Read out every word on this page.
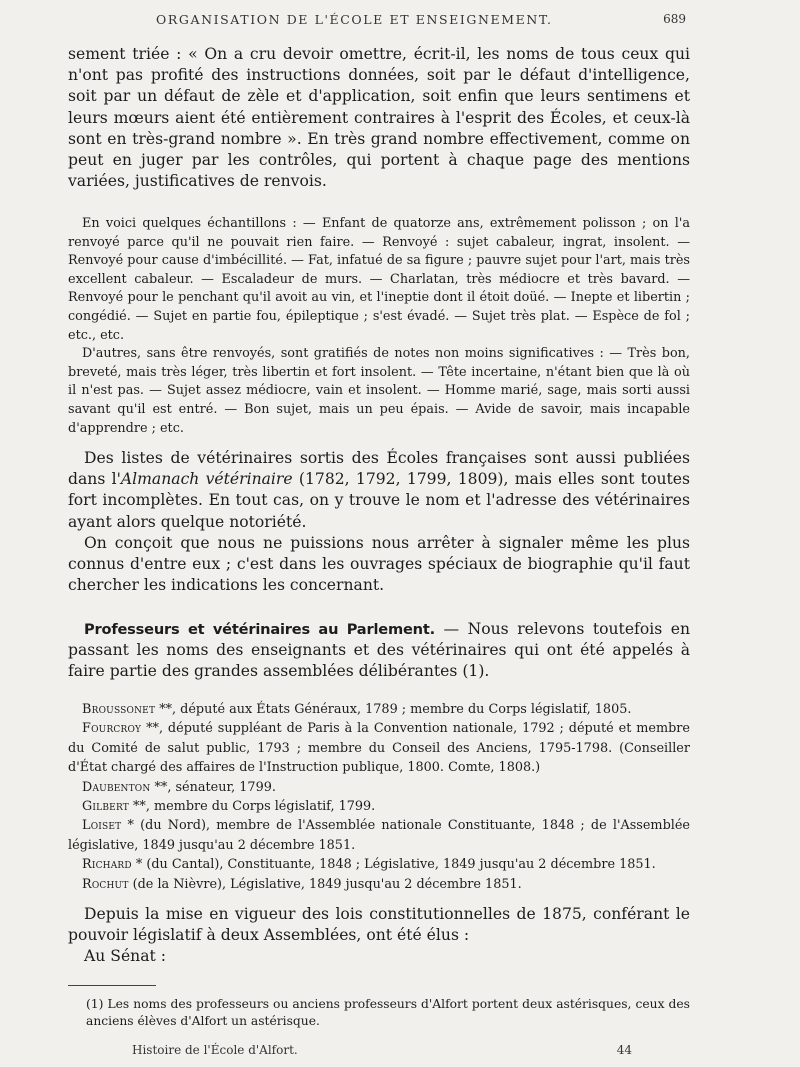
ORGANISATION DE L'ÉCOLE ET ENSEIGNEMENT.	689

sement triée : « On a cru devoir omettre, écrit-il, les noms de tous ceux qui n'ont pas profité des instructions données, soit par le défaut d'intelligence, soit par un défaut de zèle et d'application, soit enfin que leurs sentimens et leurs mœurs aient été entièrement contraires à l'esprit des Écoles, et ceux-là sont en très-grand nombre ». En très grand nombre effectivement, comme on peut en juger par les contrôles, qui portent à chaque page des mentions variées, justificatives de renvois.

En voici quelques échantillons : — Enfant de quatorze ans, extrêmement polisson ; on l'a renvoyé parce qu'il ne pouvait rien faire. — Renvoyé : sujet cabaleur, ingrat, insolent. — Renvoyé pour cause d'imbécillité. — Fat, infatué de sa figure ; pauvre sujet pour l'art, mais très excellent cabaleur. — Escaladeur de murs. — Charlatan, très médiocre et très bavard. — Renvoyé pour le penchant qu'il avoit au vin, et l'ineptie dont il étoit doüé. — Inepte et libertin ; congédié. — Sujet en partie fou, épileptique ; s'est évadé. — Sujet très plat. — Espèce de fol ; etc., etc.

D'autres, sans être renvoyés, sont gratifiés de notes non moins significatives : — Très bon, breveté, mais très léger, très libertin et fort insolent. — Tête incertaine, n'étant bien que là où il n'est pas. — Sujet assez médiocre, vain et insolent. — Homme marié, sage, mais sorti aussi savant qu'il est entré. — Bon sujet, mais un peu épais. — Avide de savoir, mais incapable d'apprendre ; etc.

Des listes de vétérinaires sortis des Écoles françaises sont aussi publiées dans l'Almanach vétérinaire (1782, 1792, 1799, 1809), mais elles sont toutes fort incomplètes. En tout cas, on y trouve le nom et l'adresse des vétérinaires ayant alors quelque notoriété.

On conçoit que nous ne puissions nous arrêter à signaler même les plus connus d'entre eux ; c'est dans les ouvrages spéciaux de biographie qu'il faut chercher les indications les concernant.

Professeurs et vétérinaires au Parlement. — Nous relevons toutefois en passant les noms des enseignants et des vétérinaires qui ont été appelés à faire partie des grandes assemblées délibérantes (1).

Broussonet **, député aux États Généraux, 1789 ; membre du Corps législatif, 1805.

Fourcroy **, député suppléant de Paris à la Convention nationale, 1792 ; député et membre du Comité de salut public, 1793 ; membre du Conseil des Anciens, 1795-1798. (Conseiller d'État chargé des affaires de l'Instruction publique, 1800. Comte, 1808.)

Daubenton **, sénateur, 1799.

Gilbert **, membre du Corps législatif, 1799.

Loiset * (du Nord), membre de l'Assemblée nationale Constituante, 1848 ; de l'Assemblée législative, 1849 jusqu'au 2 décembre 1851.

Richard * (du Cantal), Constituante, 1848 ; Législative, 1849 jusqu'au 2 décembre 1851.

Rochut (de la Nièvre), Législative, 1849 jusqu'au 2 décembre 1851.

Depuis la mise en vigueur des lois constitutionnelles de 1875, conférant le pouvoir législatif à deux Assemblées, ont été élus :

Au Sénat :

(1) Les noms des professeurs ou anciens professeurs d'Alfort portent deux astérisques, ceux des anciens élèves d'Alfort un astérisque.
Histoire de l'École d'Alfort.	44
